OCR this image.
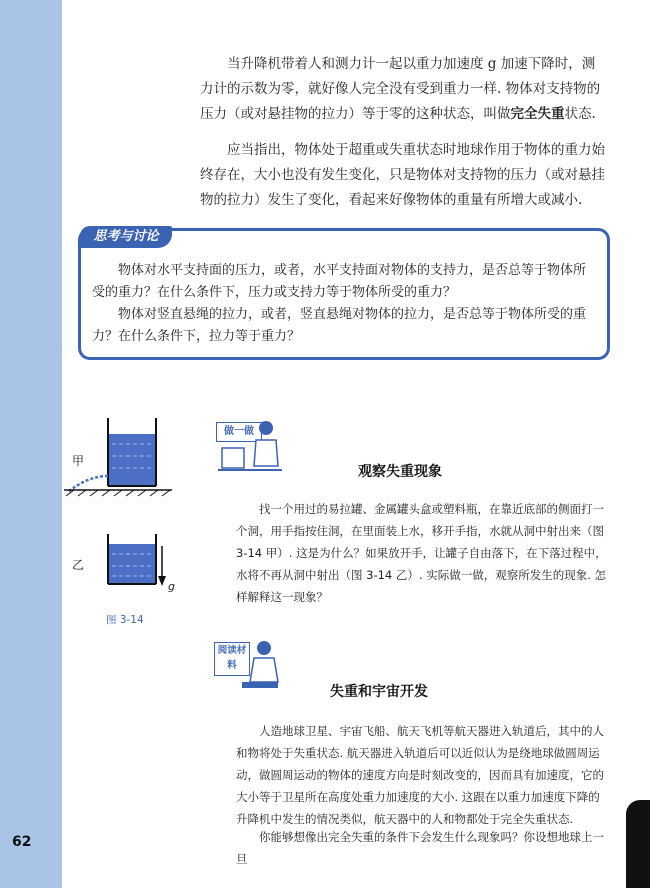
62

当升降机带着人和测力计一起以重力加速度 g 加速下降时，测力计的示数为零，就好像人完全没有受到重力一样. 物体对支持物的压力（或对悬挂物的拉力）等于零的这种状态，叫做完全失重状态.

应当指出，物体处于超重或失重状态时地球作用于物体的重力始终存在，大小也没有发生变化，只是物体对支持物的压力（或对悬挂物的拉力）发生了变化，看起来好像物体的重量有所增大或减小.

思考与讨论

物体对水平支持面的压力，或者，水平支持面对物体的支持力，是否总等于物体所受的重力？在什么条件下，压力或支持力等于物体所受的重力？

物体对竖直悬绳的拉力，或者，竖直悬绳对物体的拉力，是否总等于物体所受的重力？在什么条件下，拉力等于重力？

甲
乙
g
图 3-14
做一做
观察失重现象

找一个用过的易拉罐、金属罐头盒或塑料瓶，在靠近底部的侧面打一个洞，用手指按住洞，在里面装上水，移开手指，水就从洞中射出来（图 3-14 甲）. 这是为什么？如果放开手，让罐子自由落下，在下落过程中，水将不再从洞中射出（图 3-14 乙）. 实际做一做，观察所发生的现象. 怎样解释这一现象？

阅读材料
失重和宇宙开发

人造地球卫星、宇宙飞船、航天飞机等航天器进入轨道后，其中的人和物将处于失重状态. 航天器进入轨道后可以近似认为是绕地球做圆周运动，做圆周运动的物体的速度方向是时刻改变的，因而具有加速度，它的大小等于卫星所在高度处重力加速度的大小. 这跟在以重力加速度下降的升降机中发生的情况类似，航天器中的人和物都处于完全失重状态.

你能够想像出完全失重的条件下会发生什么现象吗？你设想地球上一旦
